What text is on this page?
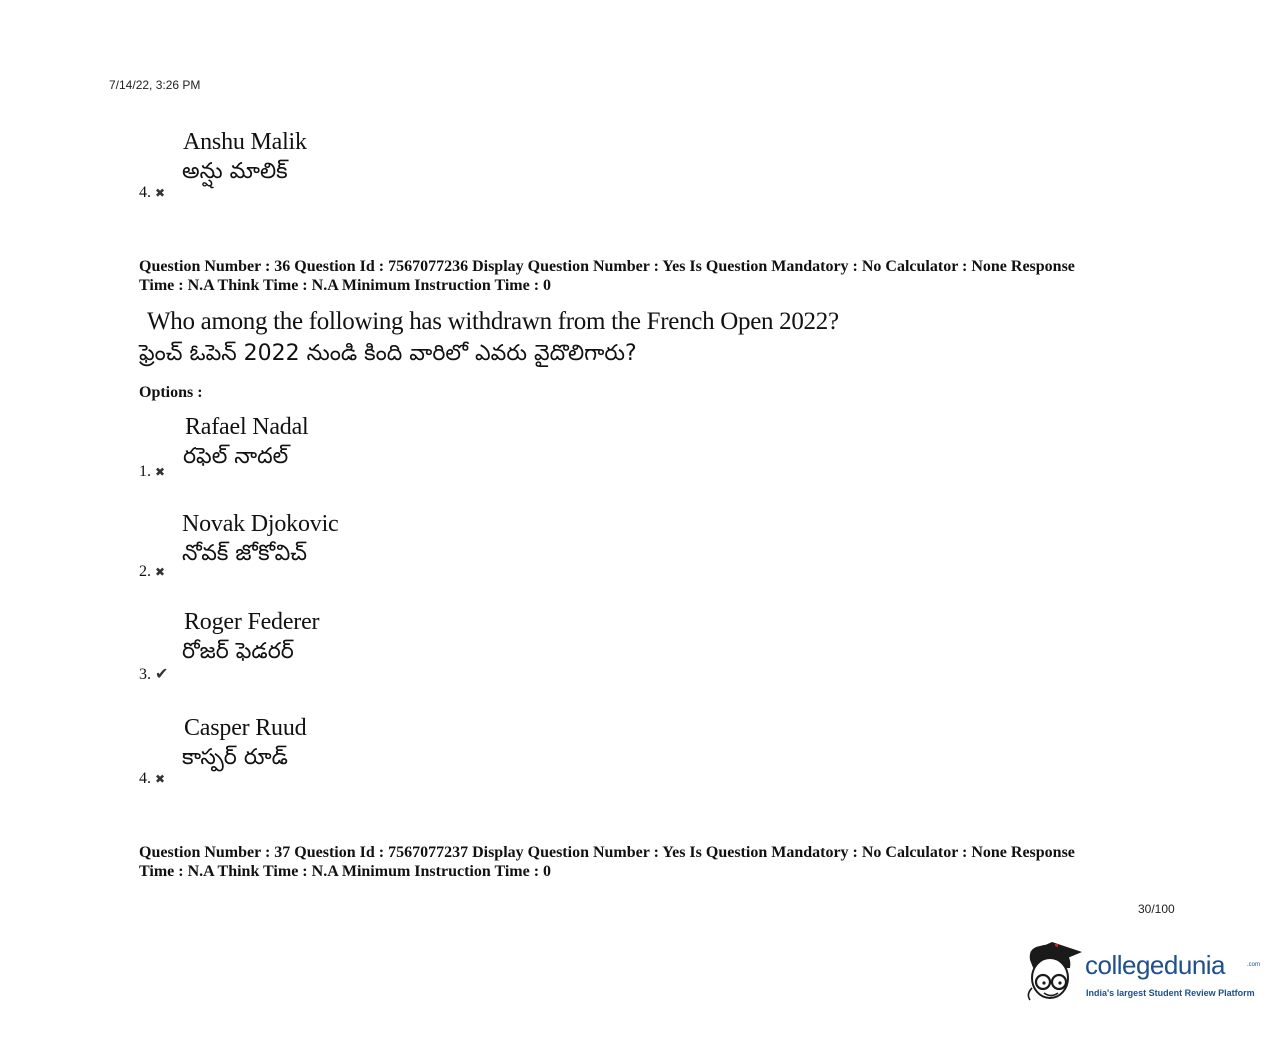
7/14/22, 3:26 PM
Anshu Malik
అన్షు మాలిక్
4. ✖
Question Number : 36 Question Id : 7567077236 Display Question Number : Yes Is Question Mandatory : No Calculator : None Response
Time : N.A Think Time : N.A Minimum Instruction Time : 0
Who among the following has withdrawn from the French Open 2022?
ఫ్రెంచ్ ఓపెన్ 2022 నుండి కింది వారిలో ఎవరు వైదొలిగారు?
Options :
Rafael Nadal
రఫెల్ నాదల్
1. ✖
Novak Djokovic
నోవక్ జోకోవిచ్
2. ✖
Roger Federer
రోజర్ ఫెడరర్
3. ✔
Casper Ruud
కాస్పర్ రూడ్
4. ✖
Question Number : 37 Question Id : 7567077237 Display Question Number : Yes Is Question Mandatory : No Calculator : None Response
Time : N.A Think Time : N.A Minimum Instruction Time : 0
30/100
collegedunia	.com
India's largest Student Review Platform
